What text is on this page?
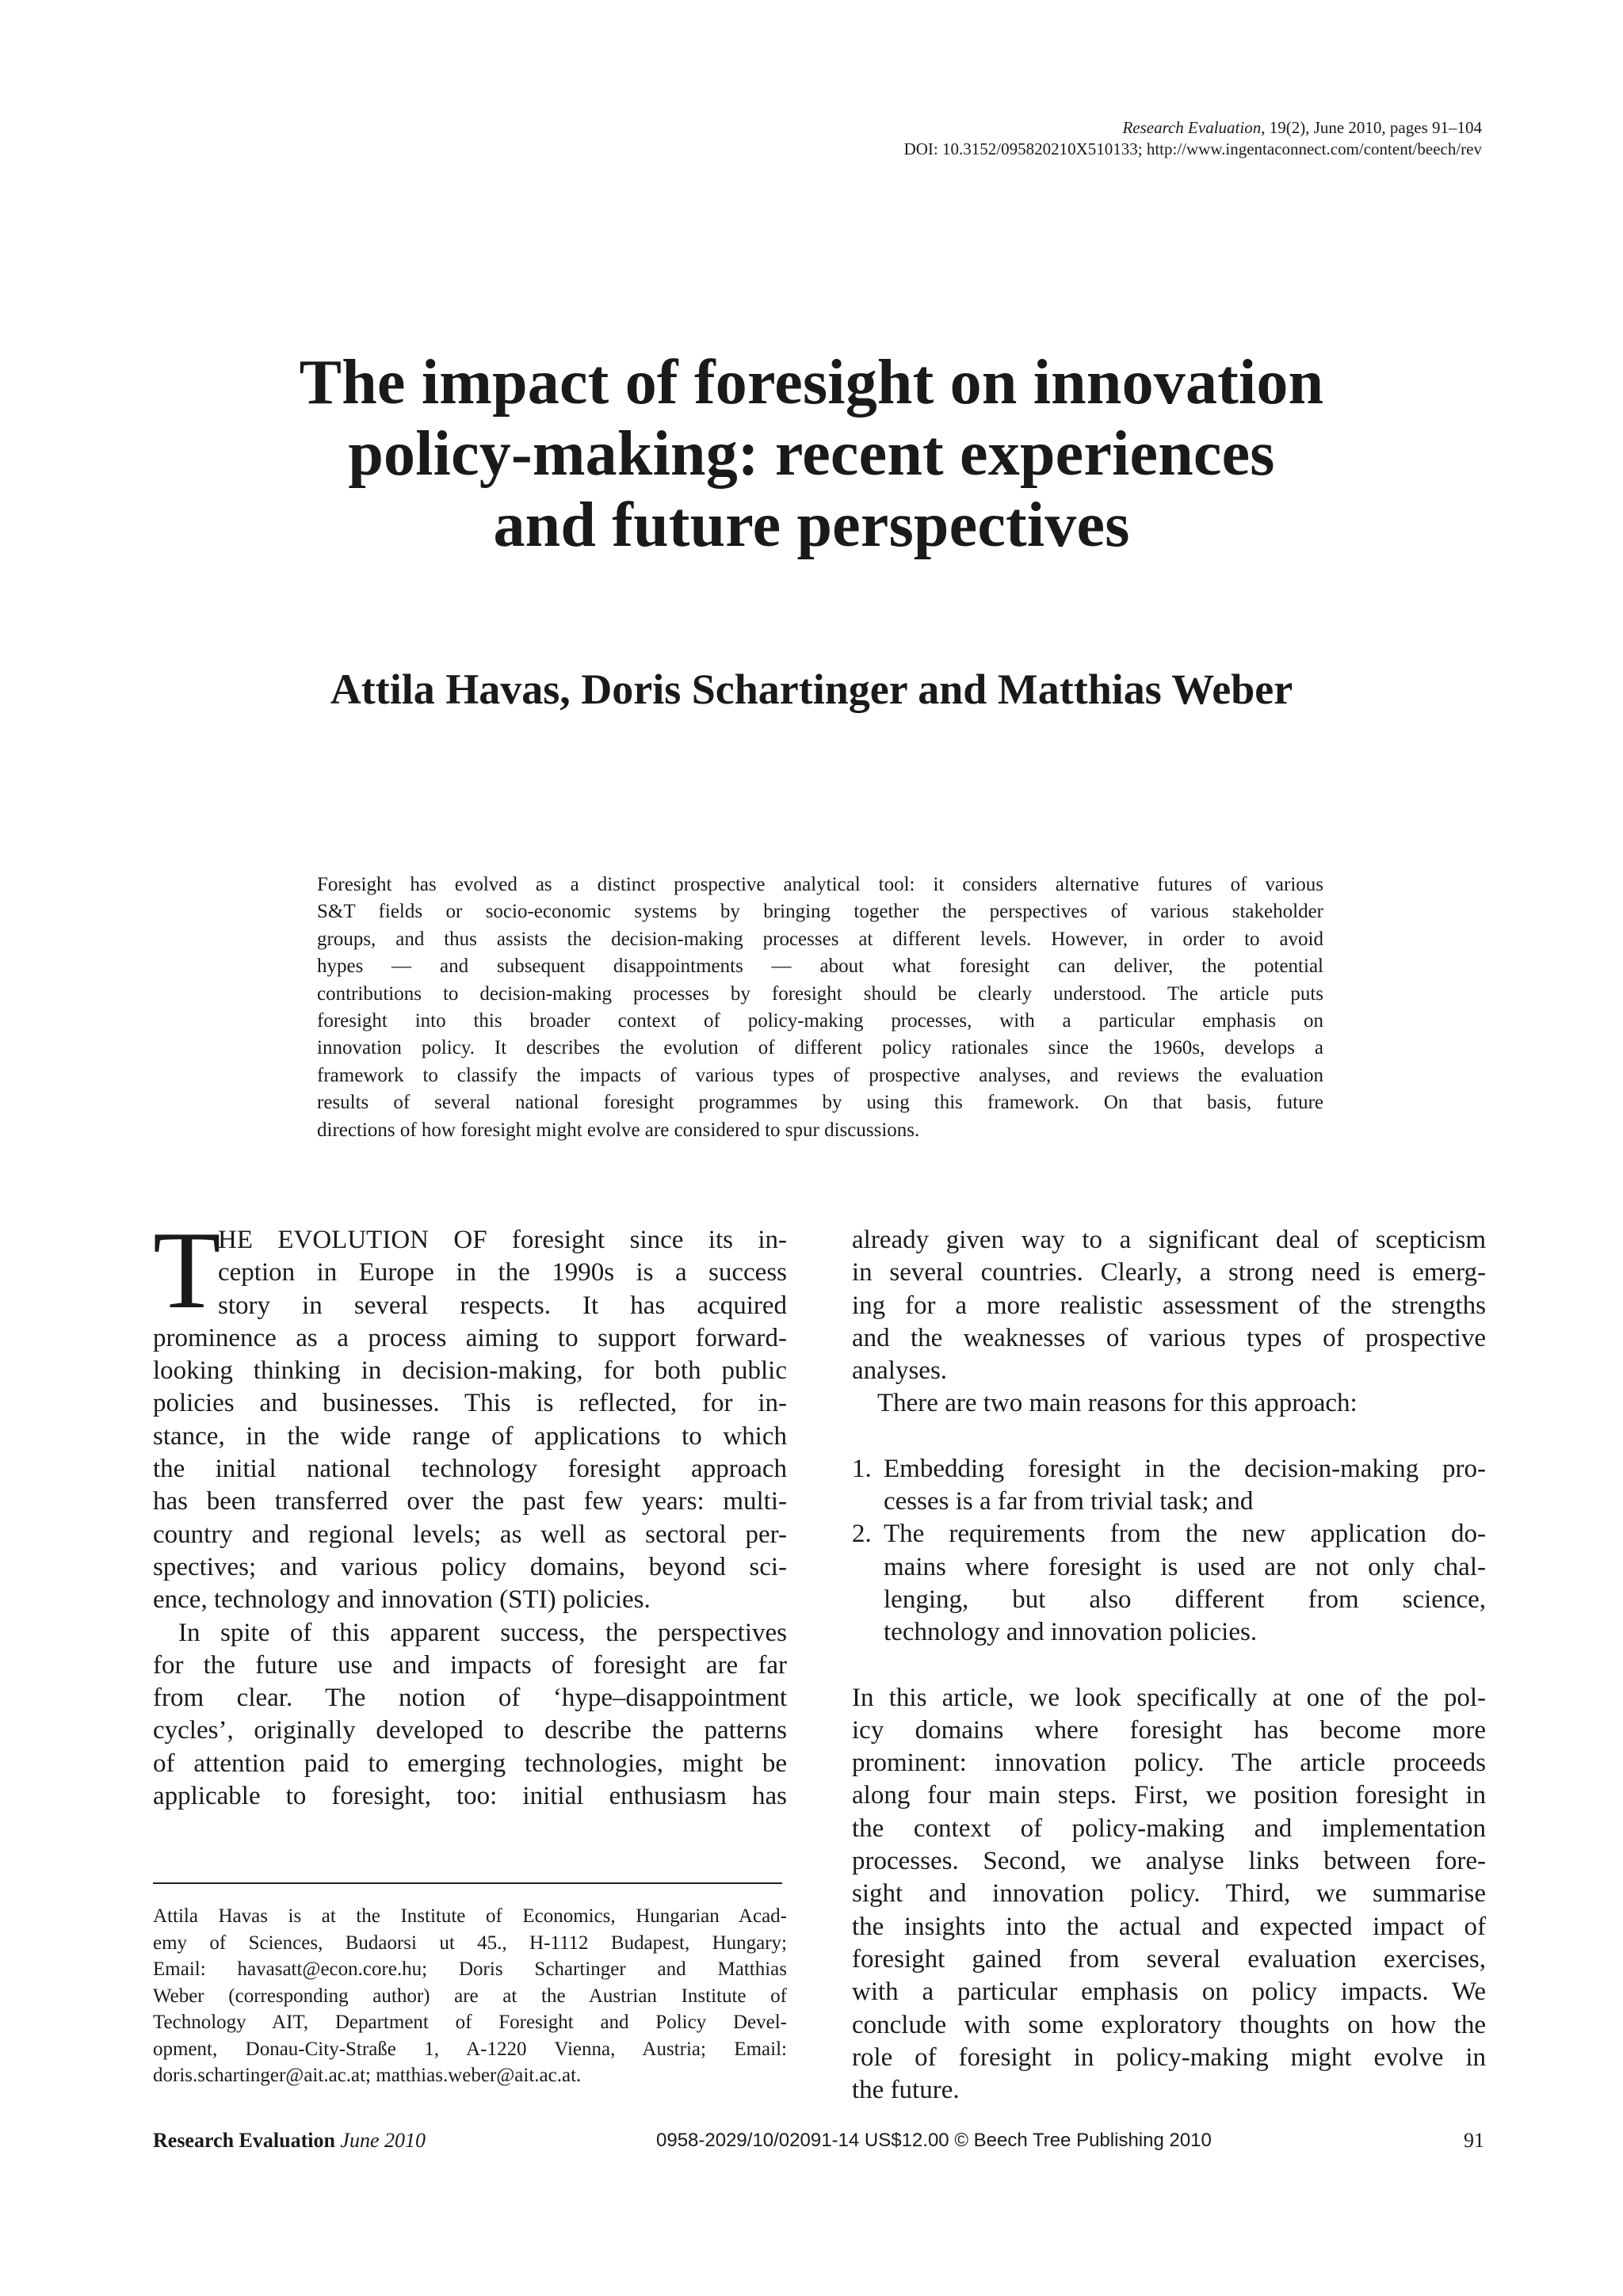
Research Evaluation, 19(2), June 2010, pages 91–104
DOI: 10.3152/095820210X510133; http://www.ingentaconnect.com/content/beech/rev
The impact of foresight on innovation
policy-making: recent experiences
and future perspectives
Attila Havas, Doris Schartinger and Matthias Weber
Foresight has evolved as a distinct prospective analytical tool: it considers alternative futures of various
S&T fields or socio-economic systems by bringing together the perspectives of various stakeholder
groups, and thus assists the decision-making processes at different levels. However, in order to avoid
hypes — and subsequent disappointments — about what foresight can deliver, the potential
contributions to decision-making processes by foresight should be clearly understood. The article puts
foresight into this broader context of policy-making processes, with a particular emphasis on
innovation policy. It describes the evolution of different policy rationales since the 1960s, develops a
framework to classify the impacts of various types of prospective analyses, and reviews the evaluation
results of several national foresight programmes by using this framework. On that basis, future
directions of how foresight might evolve are considered to spur discussions.

T
HE EVOLUTION OF foresight since its in-
ception in Europe in the 1990s is a success
story in several respects. It has acquired
prominence as a process aiming to support forward-
looking thinking in decision-making, for both public
policies and businesses. This is reflected, for in-
stance, in the wide range of applications to which
the initial national technology foresight approach
has been transferred over the past few years: multi-
country and regional levels; as well as sectoral per-
spectives; and various policy domains, beyond sci-
ence, technology and innovation (STI) policies.

In spite of this apparent success, the perspectives
for the future use and impacts of foresight are far
from clear. The notion of ‘hype–disappointment
cycles’, originally developed to describe the patterns
of attention paid to emerging technologies, might be
applicable to foresight, too: initial enthusiasm has

Attila Havas is at the Institute of Economics, Hungarian Acad-
emy of Sciences, Budaorsi ut 45., H-1112 Budapest, Hungary;
Email: havasatt@econ.core.hu; Doris Schartinger and Matthias
Weber (corresponding author) are at the Austrian Institute of
Technology AIT, Department of Foresight and Policy Devel-
opment, Donau-City-Straße 1, A-1220 Vienna, Austria; Email:
doris.schartinger@ait.ac.at; matthias.weber@ait.ac.at.

already given way to a significant deal of scepticism
in several countries. Clearly, a strong need is emerg-
ing for a more realistic assessment of the strengths
and the weaknesses of various types of prospective
analyses.

There are two main reasons for this approach:

1. Embedding foresight in the decision-making pro-
cesses is a far from trivial task; and
2. The requirements from the new application do-
mains where foresight is used are not only chal-
lenging, but also different from science,
technology and innovation policies.

In this article, we look specifically at one of the pol-
icy domains where foresight has become more
prominent: innovation policy. The article proceeds
along four main steps. First, we position foresight in
the context of policy-making and implementation
processes. Second, we analyse links between fore-
sight and innovation policy. Third, we summarise
the insights into the actual and expected impact of
foresight gained from several evaluation exercises,
with a particular emphasis on policy impacts. We
conclude with some exploratory thoughts on how the
role of foresight in policy-making might evolve in
the future.

Research Evaluation June 2010	0958-2029/10/02091-14 US$12.00 © Beech Tree Publishing 2010	91
